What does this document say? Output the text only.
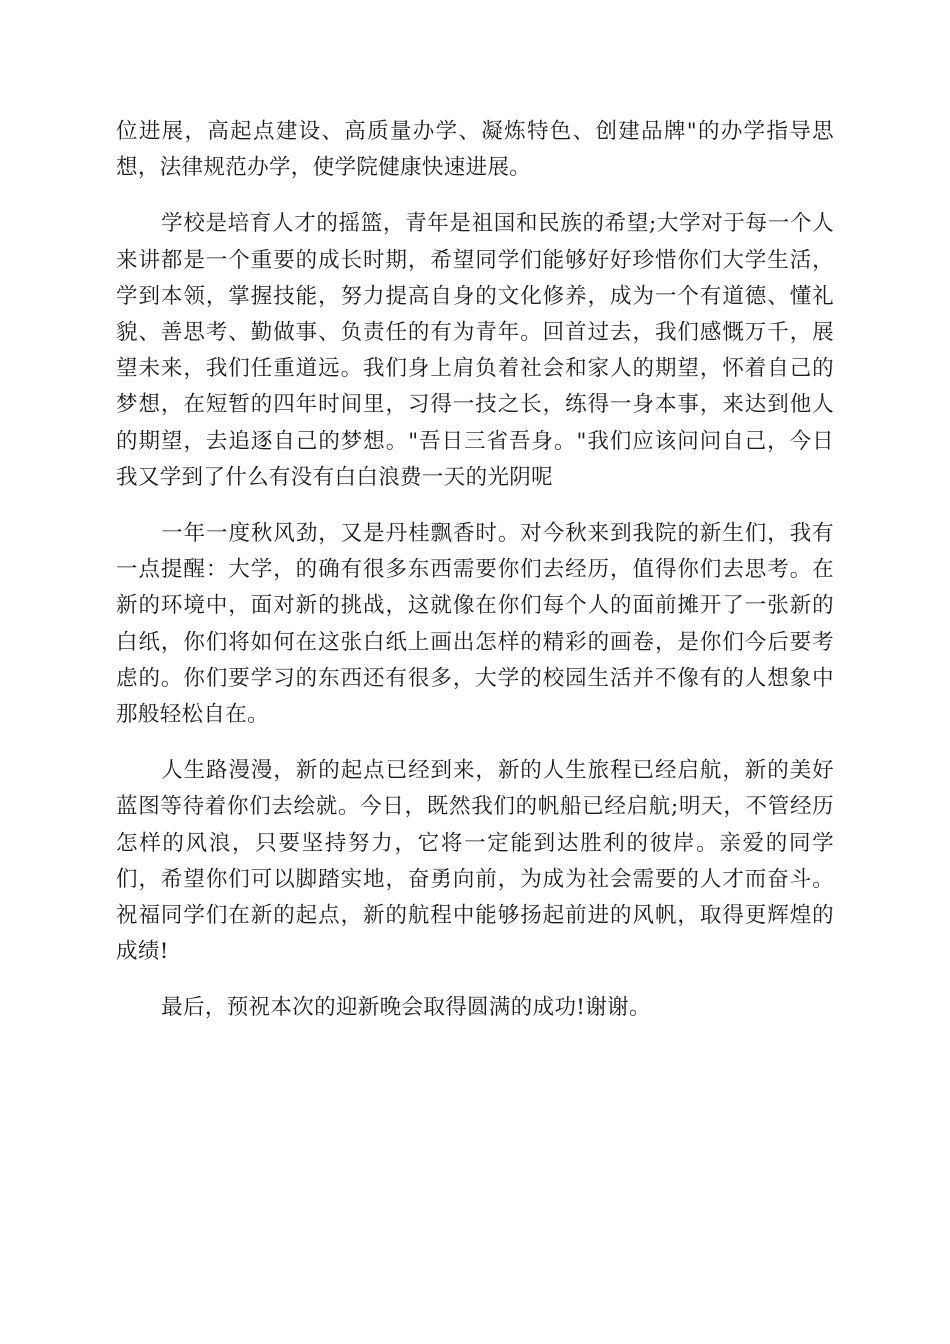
位进展，高起点建设、高质量办学、凝炼特色、创建品牌"的办学指导思想，法律规范办学，使学院健康快速进展。

学校是培育人才的摇篮，青年是祖国和民族的希望;大学对于每一个人来讲都是一个重要的成长时期，希望同学们能够好好珍惜你们大学生活，学到本领，掌握技能，努力提高自身的文化修养，成为一个有道德、懂礼貌、善思考、勤做事、负责任的有为青年。回首过去，我们感慨万千，展望未来，我们任重道远。我们身上肩负着社会和家人的期望，怀着自己的梦想，在短暂的四年时间里，习得一技之长，练得一身本事，来达到他人的期望，去追逐自己的梦想。"吾日三省吾身。"我们应该问问自己，今日我又学到了什么有没有白白浪费一天的光阴呢

一年一度秋风劲，又是丹桂飘香时。对今秋来到我院的新生们，我有一点提醒：大学，的确有很多东西需要你们去经历，值得你们去思考。在新的环境中，面对新的挑战，这就像在你们每个人的面前摊开了一张新的白纸，你们将如何在这张白纸上画出怎样的精彩的画卷，是你们今后要考虑的。你们要学习的东西还有很多，大学的校园生活并不像有的人想象中那般轻松自在。

人生路漫漫，新的起点已经到来，新的人生旅程已经启航，新的美好蓝图等待着你们去绘就。今日，既然我们的帆船已经启航;明天，不管经历怎样的风浪，只要坚持努力，它将一定能到达胜利的彼岸。亲爱的同学们，希望你们可以脚踏实地，奋勇向前，为成为社会需要的人才而奋斗。祝福同学们在新的起点，新的航程中能够扬起前进的风帆，取得更辉煌的成绩!

最后，预祝本次的迎新晚会取得圆满的成功!谢谢。
